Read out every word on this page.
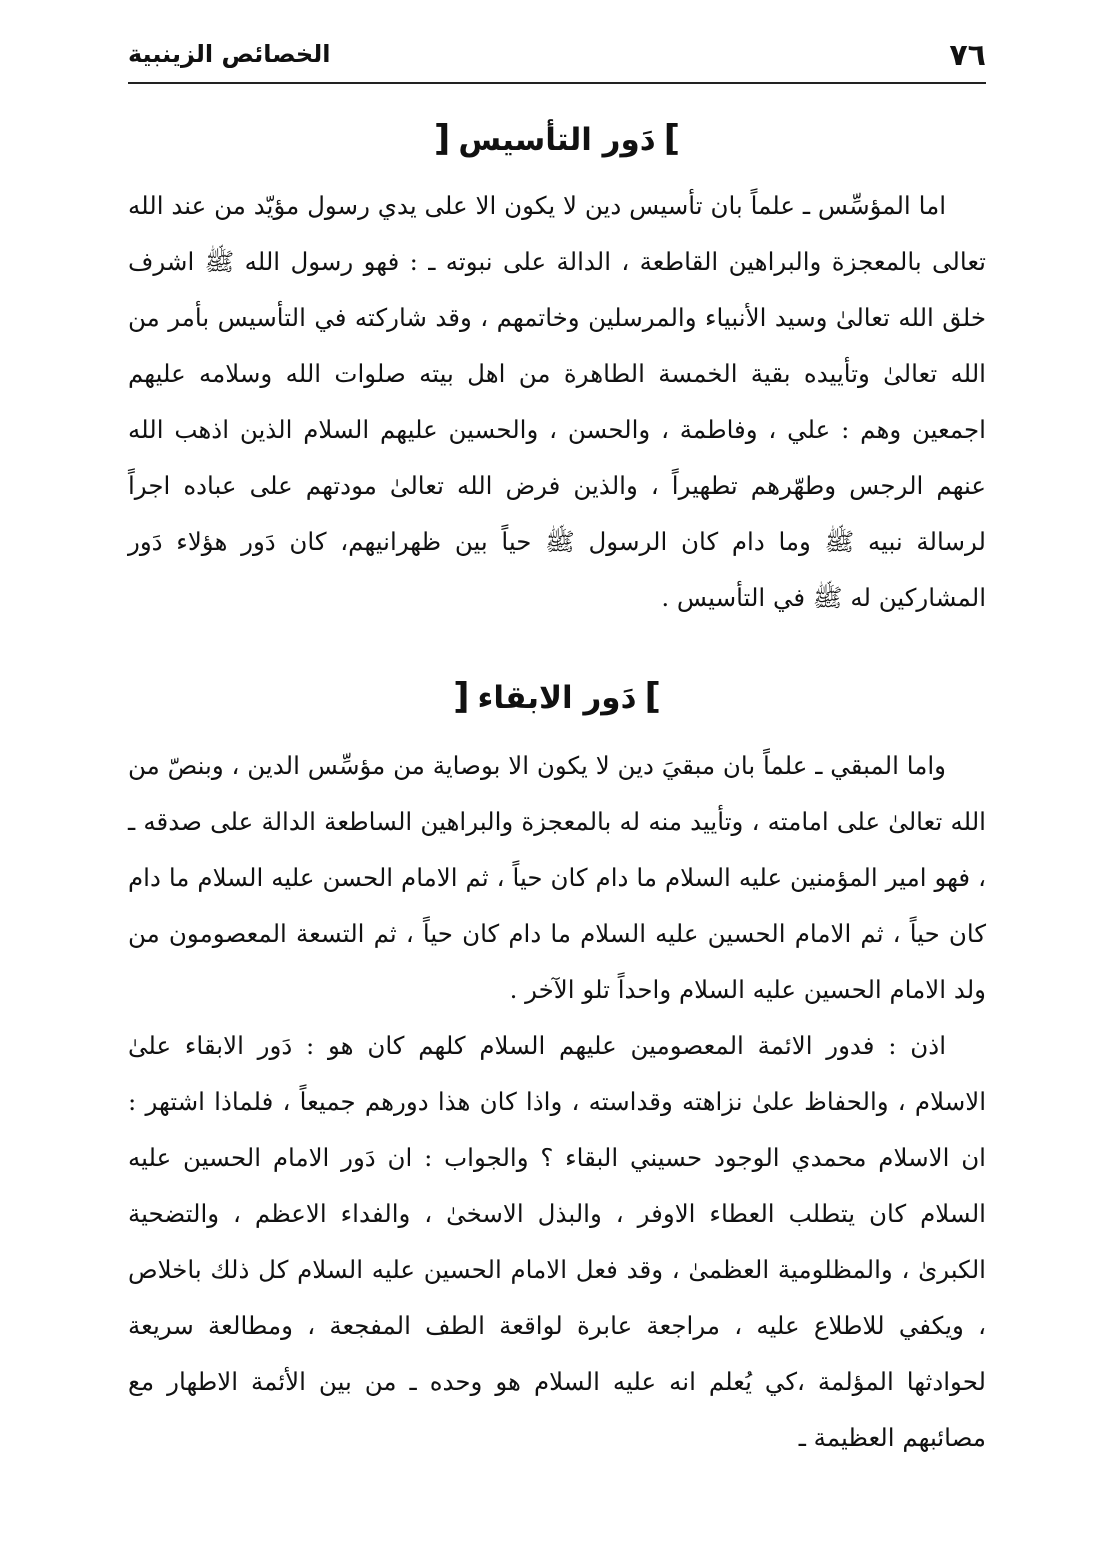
٧٦
الخصائص الزينبية
]دَور التأسيس[

اما المؤسِّس ـ علماً بان تأسيس دين لا يكون الا على يدي رسول مؤيّد من عند الله تعالى بالمعجزة والبراهين القاطعة ، الدالة على نبوته ـ : فهو رسول الله ﷺ اشرف خلق الله تعالىٰ وسيد الأنبياء والمرسلين وخاتمهم ، وقد شاركته في التأسيس بأمر من الله تعالىٰ وتأييده بقية الخمسة الطاهرة من اهل بيته صلوات الله وسلامه عليهم اجمعين وهم : علي ، وفاطمة ، والحسن ، والحسين عليهم السلام الذين اذهب الله عنهم الرجس وطهّرهم تطهيراً ، والذين فرض الله تعالىٰ مودتهم على عباده اجراً لرسالة نبيه ﷺ وما دام كان الرسول ﷺ حياً بين ظهرانيهم، كان دَور هؤلاء دَور المشاركين له ﷺ في التأسيس .

]دَور الابقاء[

واما المبقي ـ علماً بان مبقيَ دين لا يكون الا بوصاية من مؤسِّس الدين ، وبنصّ من الله تعالىٰ على امامته ، وتأييد منه له بالمعجزة والبراهين الساطعة الدالة على صدقه ـ ، فهو امير المؤمنين عليه السلام ما دام كان حياً ، ثم الامام الحسن عليه السلام ما دام كان حياً ، ثم الامام الحسين عليه السلام ما دام كان حياً ، ثم التسعة المعصومون من ولد الامام الحسين عليه السلام واحداً تلو الآخر .

اذن : فدور الائمة المعصومين عليهم السلام كلهم كان هو : دَور الابقاء علىٰ الاسلام ، والحفاظ علىٰ نزاهته وقداسته ، واذا كان هذا دورهم جميعاً ، فلماذا اشتهر : ان الاسلام محمدي الوجود حسيني البقاء ؟ والجواب : ان دَور الامام الحسين عليه السلام كان يتطلب العطاء الاوفر ، والبذل الاسخىٰ ، والفداء الاعظم ، والتضحية الكبرىٰ ، والمظلومية العظمىٰ ، وقد فعل الامام الحسين عليه السلام كل ذلك باخلاص ، ويكفي للاطلاع عليه ، مراجعة عابرة لواقعة الطف المفجعة ، ومطالعة سريعة لحوادثها المؤلمة ،كي يُعلم انه عليه السلام هو وحده ـ من بين الأئمة الاطهار مع مصائبهم العظيمة ـ
